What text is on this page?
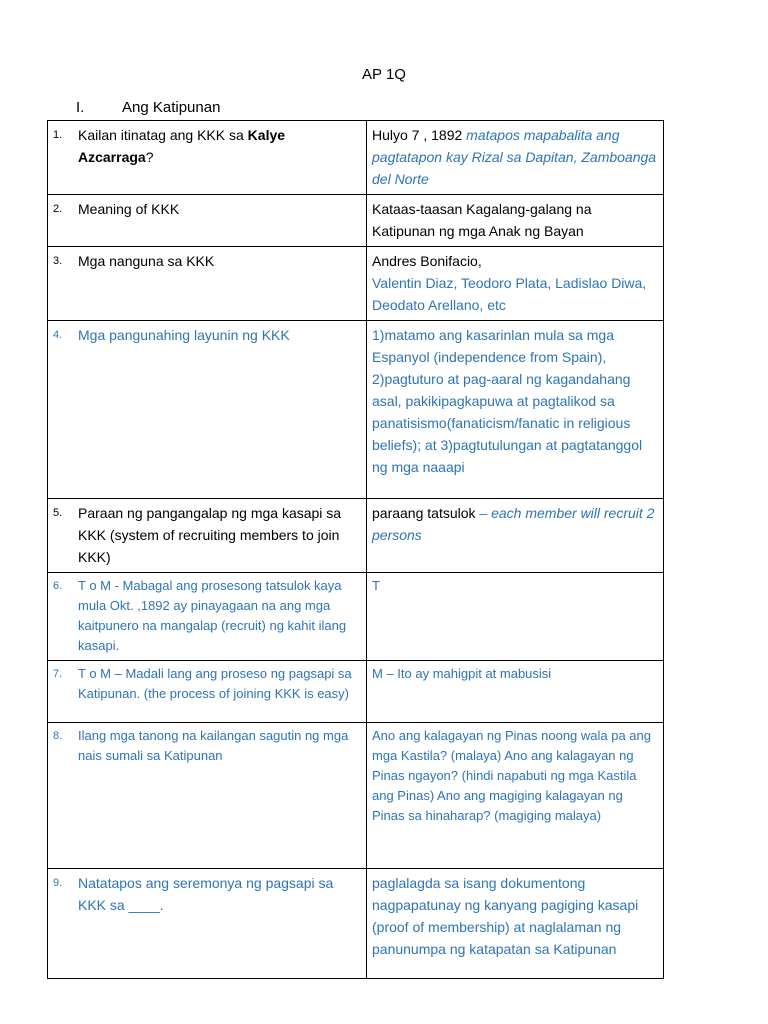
AP 1Q
I.	Ang Katipunan
1. Kailan itinatag ang KKK sa Kalye Azcarraga?	Hulyo 7 , 1892 matapos mapabalita ang pagtatapon kay Rizal sa Dapitan, Zamboanga del Norte
2. Meaning of KKK	Kataas-taasan Kagalang-galang na Katipunan ng mga Anak ng Bayan
3. Mga nanguna sa KKK	Andres Bonifacio,
Valentin Diaz, Teodoro Plata, Ladislao Diwa, Deodato Arellano, etc

4. Mga pangunahing layunin ng KKK	1)matamo ang kasarinlan mula sa mga Espanyol (independence from Spain), 2)pagtuturo at pag-aaral ng kagandahang asal, pakikipagkapuwa at pagtalikod sa panatisismo(fanaticism/fanatic in religious beliefs); at 3)pagtutulungan at pagtatanggol ng mga naaapi
5. Paraan ng pangangalap ng mga kasapi sa KKK (system of recruiting members to join KKK)	paraang tatsulok – each member will recruit 2 persons
6. T o M - Mabagal ang prosesong tatsulok kaya mula Okt. ,1892 ay pinayagaan na ang mga kaitpunero na mangalap (recruit) ng kahit ilang kasapi.	T
7. T o M – Madali lang ang proseso ng pagsapi sa Katipunan. (the process of joining KKK is easy)	M – Ito ay mahigpit at mabusisi
8. Ilang mga tanong na kailangan sagutin ng mga nais sumali sa Katipunan	Ano ang kalagayan ng Pinas noong wala pa ang mga Kastila? (malaya) Ano ang kalagayan ng Pinas ngayon? (hindi napabuti ng mga Kastila ang Pinas) Ano ang magiging kalagayan ng Pinas sa hinaharap? (magiging malaya)
9. Natatapos ang seremonya ng pagsapi sa KKK sa ____.	paglalagda sa isang dokumentong nagpapatunay ng kanyang pagiging kasapi (proof of membership) at naglalaman ng panunumpa ng katapatan sa Katipunan
